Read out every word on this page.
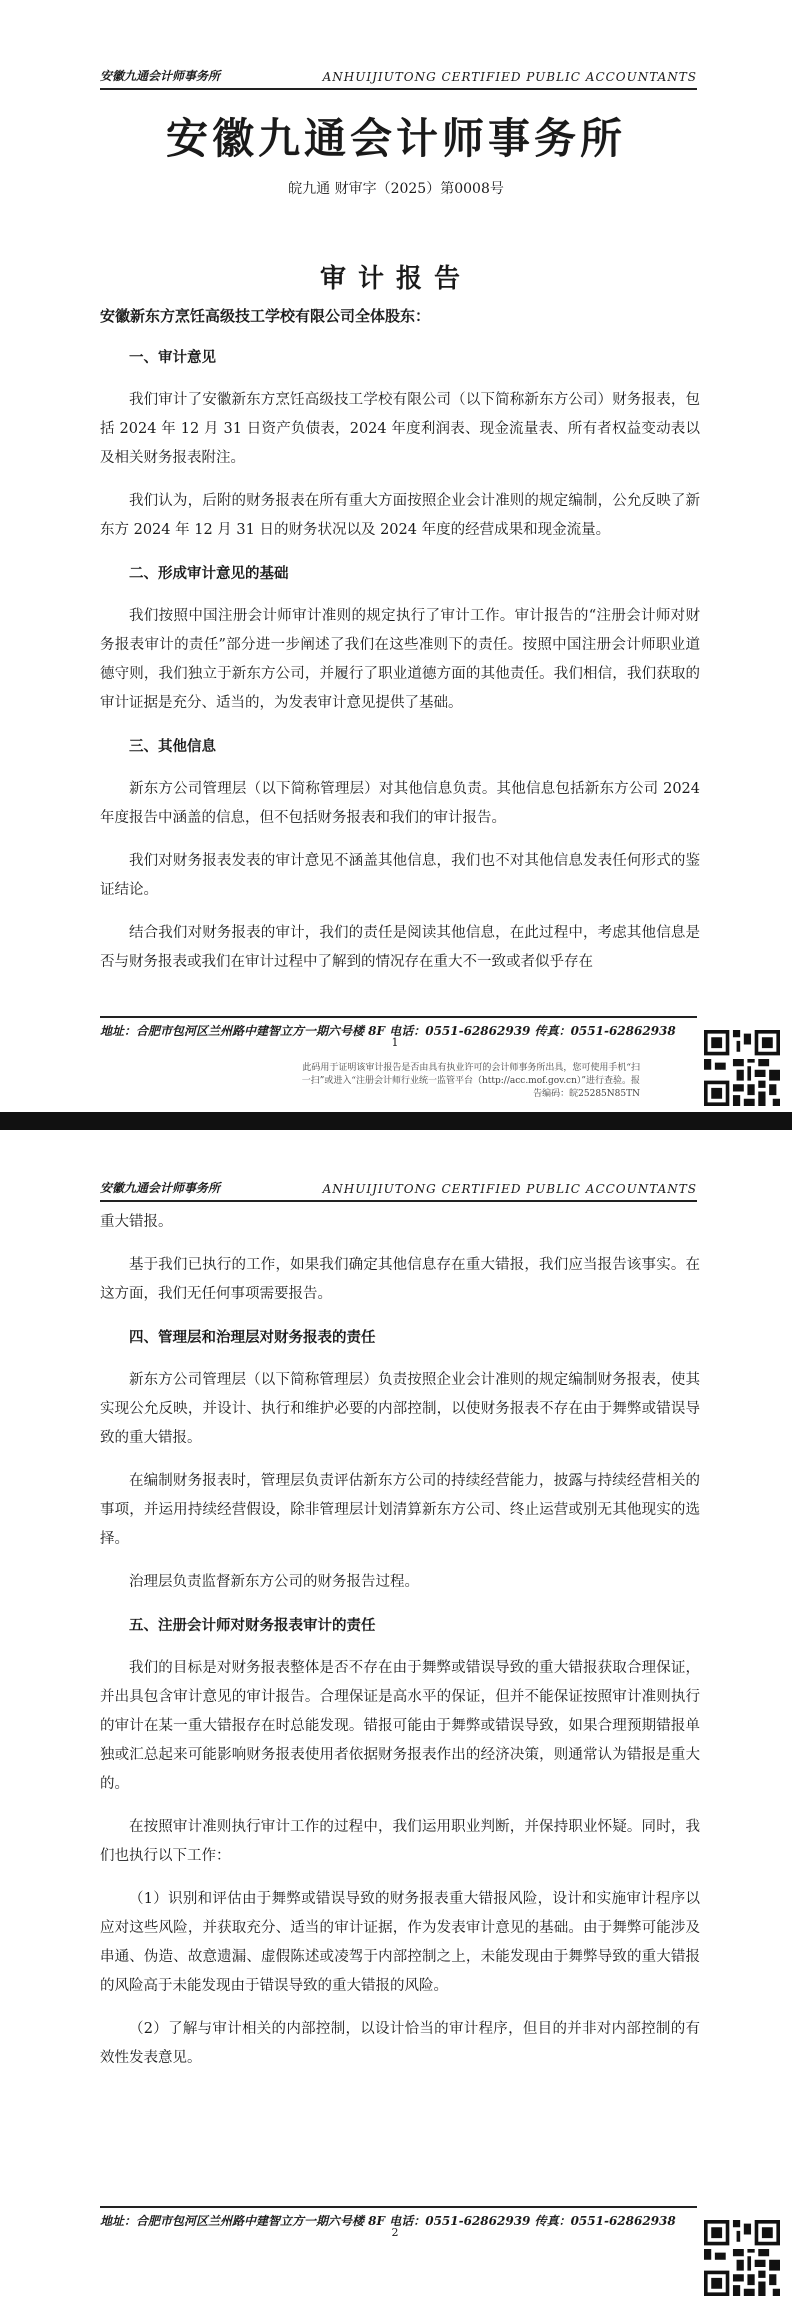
安徽九通会计师事务所	ANHUIJIUTONG CERTIFIED PUBLIC ACCOUNTANTS
安徽九通会计师事务所
皖九通 财审字（2025）第0008号
审计报告

安徽新东方烹饪高级技工学校有限公司全体股东：

一、审计意见

我们审计了安徽新东方烹饪高级技工学校有限公司（以下简称新东方公司）财务报表，包括 2024 年 12 月 31 日资产负债表，2024 年度利润表、现金流量表、所有者权益变动表以及相关财务报表附注。

我们认为，后附的财务报表在所有重大方面按照企业会计准则的规定编制，公允反映了新东方 2024 年 12 月 31 日的财务状况以及 2024 年度的经营成果和现金流量。

二、形成审计意见的基础

我们按照中国注册会计师审计准则的规定执行了审计工作。审计报告的“注册会计师对财务报表审计的责任”部分进一步阐述了我们在这些准则下的责任。按照中国注册会计师职业道德守则，我们独立于新东方公司，并履行了职业道德方面的其他责任。我们相信，我们获取的审计证据是充分、适当的，为发表审计意见提供了基础。

三、其他信息

新东方公司管理层（以下简称管理层）对其他信息负责。其他信息包括新东方公司 2024 年度报告中涵盖的信息，但不包括财务报表和我们的审计报告。

我们对财务报表发表的审计意见不涵盖其他信息，我们也不对其他信息发表任何形式的鉴证结论。

结合我们对财务报表的审计，我们的责任是阅读其他信息，在此过程中，考虑其他信息是否与财务报表或我们在审计过程中了解到的情况存在重大不一致或者似乎存在

地址：合肥市包河区兰州路中建智立方一期六号楼 8F 电话：0551-62862939 传真：0551-62862938
1
此码用于证明该审计报告是否由具有执业许可的会计师事务所出具，您可使用手机“扫一扫”或进入“注册会计师行业统一监管平台（http://acc.mof.gov.cn）”进行查验。报告编码：皖25285N85TN
安徽九通会计师事务所	ANHUIJIUTONG CERTIFIED PUBLIC ACCOUNTANTS

重大错报。

基于我们已执行的工作，如果我们确定其他信息存在重大错报，我们应当报告该事实。在这方面，我们无任何事项需要报告。

四、管理层和治理层对财务报表的责任

新东方公司管理层（以下简称管理层）负责按照企业会计准则的规定编制财务报表，使其实现公允反映，并设计、执行和维护必要的内部控制，以使财务报表不存在由于舞弊或错误导致的重大错报。

在编制财务报表时，管理层负责评估新东方公司的持续经营能力，披露与持续经营相关的事项，并运用持续经营假设，除非管理层计划清算新东方公司、终止运营或别无其他现实的选择。

治理层负责监督新东方公司的财务报告过程。

五、注册会计师对财务报表审计的责任

我们的目标是对财务报表整体是否不存在由于舞弊或错误导致的重大错报获取合理保证，并出具包含审计意见的审计报告。合理保证是高水平的保证，但并不能保证按照审计准则执行的审计在某一重大错报存在时总能发现。错报可能由于舞弊或错误导致，如果合理预期错报单独或汇总起来可能影响财务报表使用者依据财务报表作出的经济决策，则通常认为错报是重大的。

在按照审计准则执行审计工作的过程中，我们运用职业判断，并保持职业怀疑。同时，我们也执行以下工作：

（1）识别和评估由于舞弊或错误导致的财务报表重大错报风险，设计和实施审计程序以应对这些风险，并获取充分、适当的审计证据，作为发表审计意见的基础。由于舞弊可能涉及串通、伪造、故意遗漏、虚假陈述或凌驾于内部控制之上，未能发现由于舞弊导致的重大错报的风险高于未能发现由于错误导致的重大错报的风险。

（2）了解与审计相关的内部控制，以设计恰当的审计程序，但目的并非对内部控制的有效性发表意见。

地址：合肥市包河区兰州路中建智立方一期六号楼 8F 电话：0551-62862939 传真：0551-62862938
2
